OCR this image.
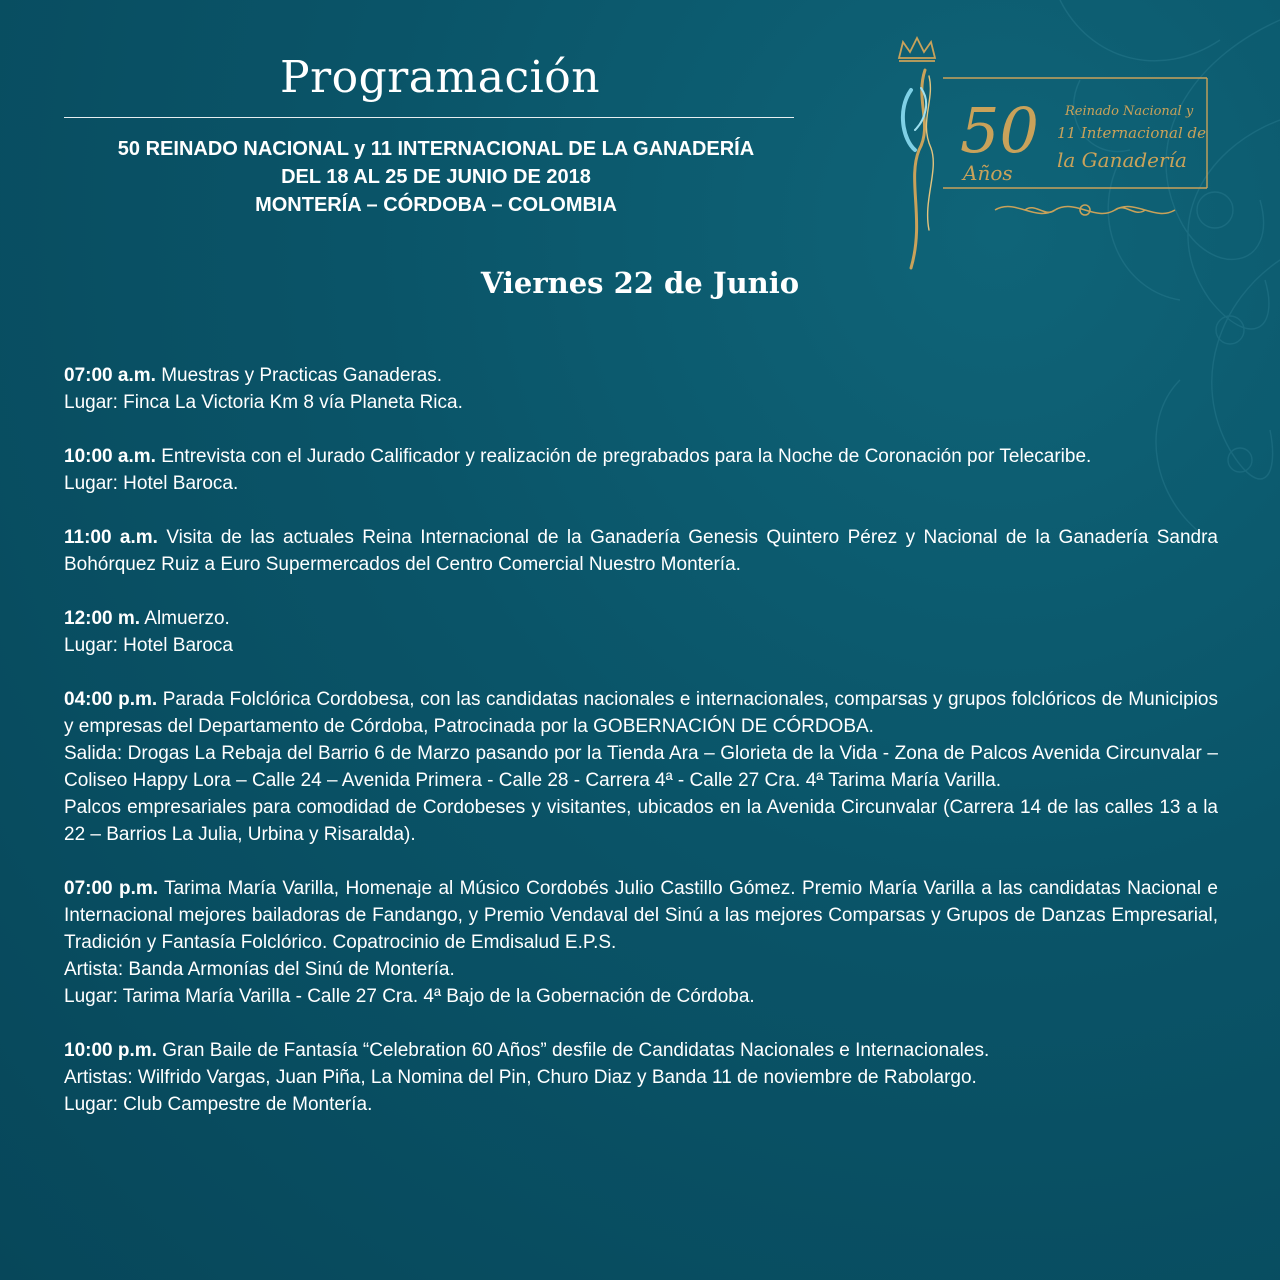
Programación
50 REINADO NACIONAL y 11 INTERNACIONAL DE LA GANADERÍA
DEL 18 AL 25 DE JUNIO DE 2018
MONTERÍA – CÓRDOBA – COLOMBIA
Viernes 22 de Junio
50
Años
Reinado Nacional y
11 Internacional de
la Ganadería

07:00 a.m. Muestras y Practicas Ganaderas.

Lugar: Finca La Victoria Km 8 vía Planeta Rica.

10:00 a.m. Entrevista con el Jurado Calificador y realización de pregrabados para la Noche de Coronación por Telecaribe.

Lugar: Hotel Baroca.

11:00 a.m. Visita de las actuales Reina Internacional de la Ganadería Genesis Quintero Pérez y Nacional de la Ganadería Sandra Bohórquez Ruiz a Euro Supermercados del Centro Comercial Nuestro Montería.

12:00 m. Almuerzo.

Lugar: Hotel Baroca

04:00 p.m. Parada Folclórica Cordobesa, con las candidatas nacionales e internacionales, comparsas y grupos folclóricos de Municipios y empresas del Departamento de Córdoba, Patrocinada por la GOBERNACIÓN DE CÓRDOBA.

Salida: Drogas La Rebaja del Barrio 6 de Marzo pasando por la Tienda Ara – Glorieta de la Vida - Zona de Palcos Avenida Circunvalar – Coliseo Happy Lora – Calle 24 – Avenida Primera - Calle 28 - Carrera 4ª - Calle 27 Cra. 4ª Tarima María Varilla.

Palcos empresariales para comodidad de Cordobeses y visitantes, ubicados en la Avenida Circunvalar (Carrera 14 de las calles 13 a la 22 – Barrios La Julia, Urbina y Risaralda).

07:00 p.m. Tarima María Varilla, Homenaje al Músico Cordobés Julio Castillo Gómez. Premio María Varilla a las candidatas Nacional e Internacional mejores bailadoras de Fandango, y Premio Vendaval del Sinú a las mejores Comparsas y Grupos de Danzas Empresarial, Tradición y Fantasía Folclórico. Copatrocinio de Emdisalud E.P.S.

Artista: Banda Armonías del Sinú de Montería.

Lugar: Tarima María Varilla - Calle 27 Cra. 4ª Bajo de la Gobernación de Córdoba.

10:00 p.m. Gran Baile de Fantasía “Celebration 60 Años” desfile de Candidatas Nacionales e Internacionales.

Artistas: Wilfrido Vargas, Juan Piña, La Nomina del Pin, Churo Diaz y Banda 11 de noviembre de Rabolargo.

Lugar: Club Campestre de Montería.
